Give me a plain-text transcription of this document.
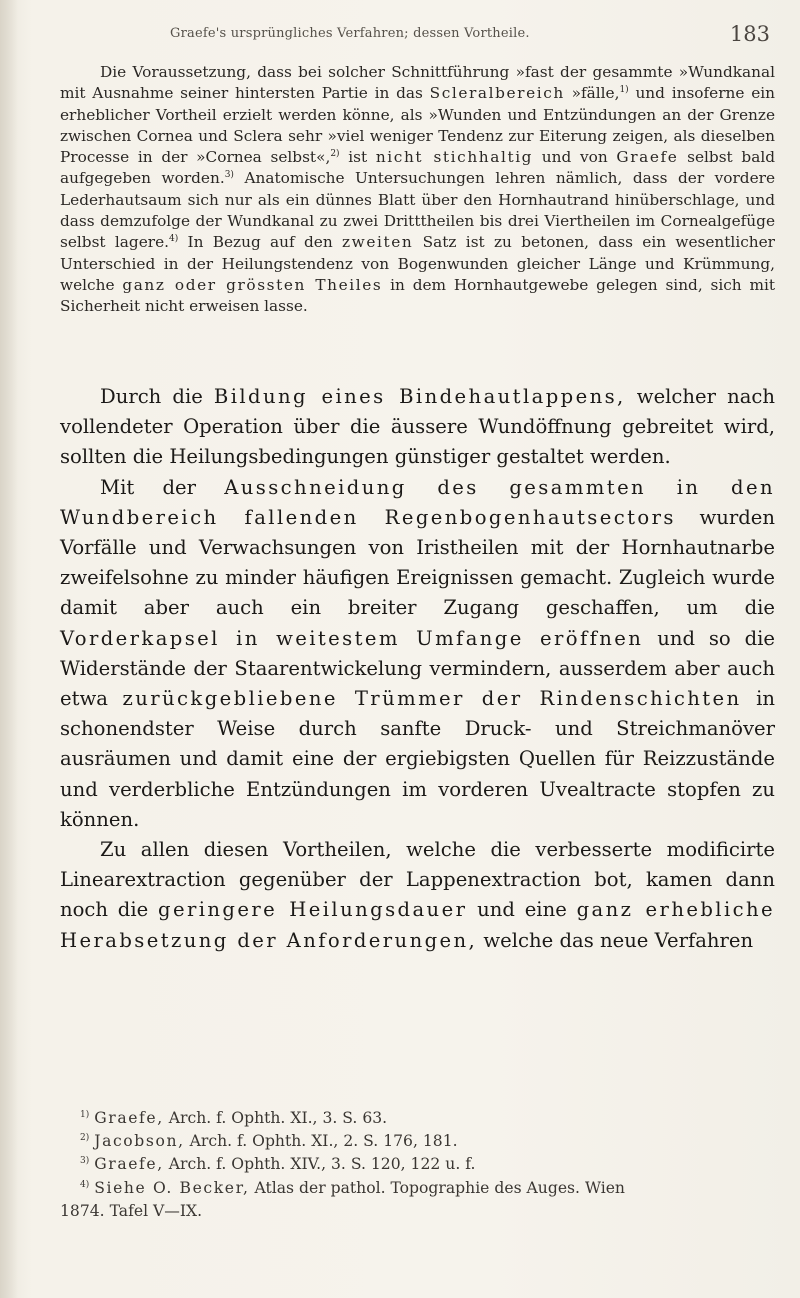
Graefe's ursprüngliches Verfahren; dessen Vortheile.	183

Die Voraussetzung, dass bei solcher Schnittführung »fast der gesammte »Wundkanal mit Ausnahme seiner hintersten Partie in das Scleralbereich »fälle,$^{1)}$ und insoferne ein erheblicher Vortheil erzielt werden könne, als »Wunden und Entzündungen an der Grenze zwischen Cornea und Sclera sehr »viel weniger Tendenz zur Eiterung zeigen, als dieselben Processe in der »Cornea selbst«,$^{2)}$ ist nicht stichhaltig und von Graefe selbst bald aufgegeben worden.$^{3)}$ Anatomische Untersuchungen lehren nämlich, dass der vordere Lederhautsaum sich nur als ein dünnes Blatt über den Hornhautrand hinüberschlage, und dass demzufolge der Wundkanal zu zwei Dritttheilen bis drei Viertheilen im Cornealgefüge selbst lagere.$^{4)}$ In Bezug auf den zweiten Satz ist zu betonen, dass ein wesentlicher Unterschied in der Heilungstendenz von Bogenwunden gleicher Länge und Krümmung, welche ganz oder grössten Theiles in dem Hornhautgewebe gelegen sind, sich mit Sicherheit nicht erweisen lasse.

Durch die Bildung eines Bindehautlappens, welcher nach vollendeter Operation über die äussere Wundöffnung gebreitet wird, sollten die Heilungsbedingungen günstiger gestaltet werden.

Mit der Ausschneidung des gesammten in den Wundbereich fallenden Regenbogenhautsectors wurden Vorfälle und Verwachsungen von Iristheilen mit der Hornhautnarbe zweifelsohne zu minder häufigen Ereignissen gemacht. Zugleich wurde damit aber auch ein breiter Zugang geschaffen, um die Vorderkapsel in weitestem Umfange eröffnen und so die Widerstände der Staarentwickelung vermindern, ausserdem aber auch etwa zurückgebliebene Trümmer der Rindenschichten in schonendster Weise durch sanfte Druck- und Streichmanöver ausräumen und damit eine der ergiebigsten Quellen für Reizzustände und verderbliche Entzündungen im vorderen Uvealtracte stopfen zu können.

Zu allen diesen Vortheilen, welche die verbesserte modificirte Linearextraction gegenüber der Lappenextraction bot, kamen dann noch die geringere Heilungsdauer und eine ganz erhebliche Herabsetzung der Anforderungen, welche das neue Verfahren

$^{1)}$ Graefe, Arch. f. Ophth. XI., 3. S. 63.

$^{2)}$ Jacobson, Arch. f. Ophth. XI., 2. S. 176, 181.

$^{3)}$ Graefe, Arch. f. Ophth. XIV., 3. S. 120, 122 u. f.

$^{4)}$ Siehe O. Becker, Atlas der pathol. Topographie des Auges. Wien

1874. Tafel V—IX.
